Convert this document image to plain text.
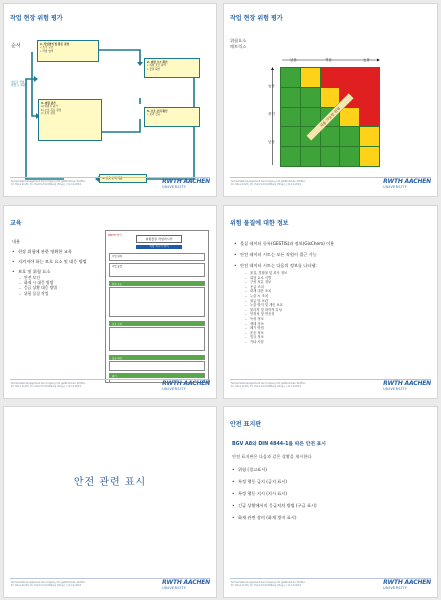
작업 현장 위험 평가
순서	1. 작업영역 및 활동 결정
• 조직 구조
• 작업 영역
2. 위험 요소 확인
• 위험 요소 파악
• 물질 확인
3. 위험 평가
a) 위험성 평가
b) 보호 목표 설정
c) 조치 결정
5. 보호 조치 확인
• 효과 검증
4. 보호 조치 적용
새로운 작업
변경 시 재평가
Sicherheitsmanagement bei Umgang mit gefährlichen Stoffen
Dr. Hans Kraft | Dr. Yield Schmitt-Berg (Hrsg.) | 11.10.2019	RWTH AACHEN
UNIVERSITY
작업 현장 위험 평가
위험요소
매트릭스
낮음	적음	높음
높음
중간
낮음
허용 가능한 위험
Sicherheitsmanagement bei Umgang mit gefährlichen Stoffen
Dr. Hans Kraft | Dr. Yield Schmitt-Berg (Hrsg.) | 11.10.2019	RWTH AACHEN
UNIVERSITY
교육
내용
• 현장 위험에 관한 명확한 교육
• 지켜져야 하는 보호 요소 및 대응 방법
• 보호 및 위험 요소
– 안전 보건
– 화재 시 대응 방법
– 응급 상황 대응 방법
– 위험 물질 작업
RWTH 양식
위험물질 작업지시서
작업 지시서 양식
작업 영역
작업 물질
위험 요소
보호 조치
응급 대응
폐기
Sicherheitsmanagement bei Umgang mit gefährlichen Stoffen
Dr. Hans Kraft | Dr. Yield Schmitt-Berg (Hrsg.) | 11.10.2019	RWTH AACHEN
UNIVERSITY
위험 물질에 대한 정보
• 물질 데이터 등록(GESTIS)과 정보(GisChem) 이용
• 안전 데이터 시트는 모든 직원이 접근 가능
• 안전 데이터 시트는 다음의 정보를 나타냄:
– 물질, 혼합물 및 회사 정보
– 위험 요소 식별
– 구성 성분 정보
– 응급 조치
– 화재 대응 조치
– 누출 시 조치
– 취급 및 보관
– 노출 방지 및 개인 보호
– 물리적 및 화학적 특성
– 안정성 및 반응성
– 독성 정보
– 생태 정보
– 폐기 방법
– 운송 정보
– 법규 정보
– 기타 사항
Sicherheitsmanagement bei Umgang mit gefährlichen Stoffen
Dr. Hans Kraft | Dr. Yield Schmitt-Berg (Hrsg.) | 11.10.2019	RWTH AACHEN
UNIVERSITY
안전 관련 표시
Sicherheitsmanagement bei Umgang mit gefährlichen Stoffen
Dr. Hans Kraft | Dr. Yield Schmitt-Berg (Hrsg.) | 11.10.2019	RWTH AACHEN
UNIVERSITY
안전 표지판
BGV A8와 DIN 4844-1를 따른 안전 표시
안전 표지판은 다음과 같은 상황을 제시한다
• 위험 (경고표시)
• 특정 행동 금지 (금지 표시)
• 특정 행동 지시 (지시 표시)
• 긴급 상황에서의 응급처치 방법 (구급 표시)
• 화재 관련 장비 (화재 방지 표시)
Sicherheitsmanagement bei Umgang mit gefährlichen Stoffen
Dr. Hans Kraft | Dr. Yield Schmitt-Berg (Hrsg.) | 11.10.2019	RWTH AACHEN
UNIVERSITY
